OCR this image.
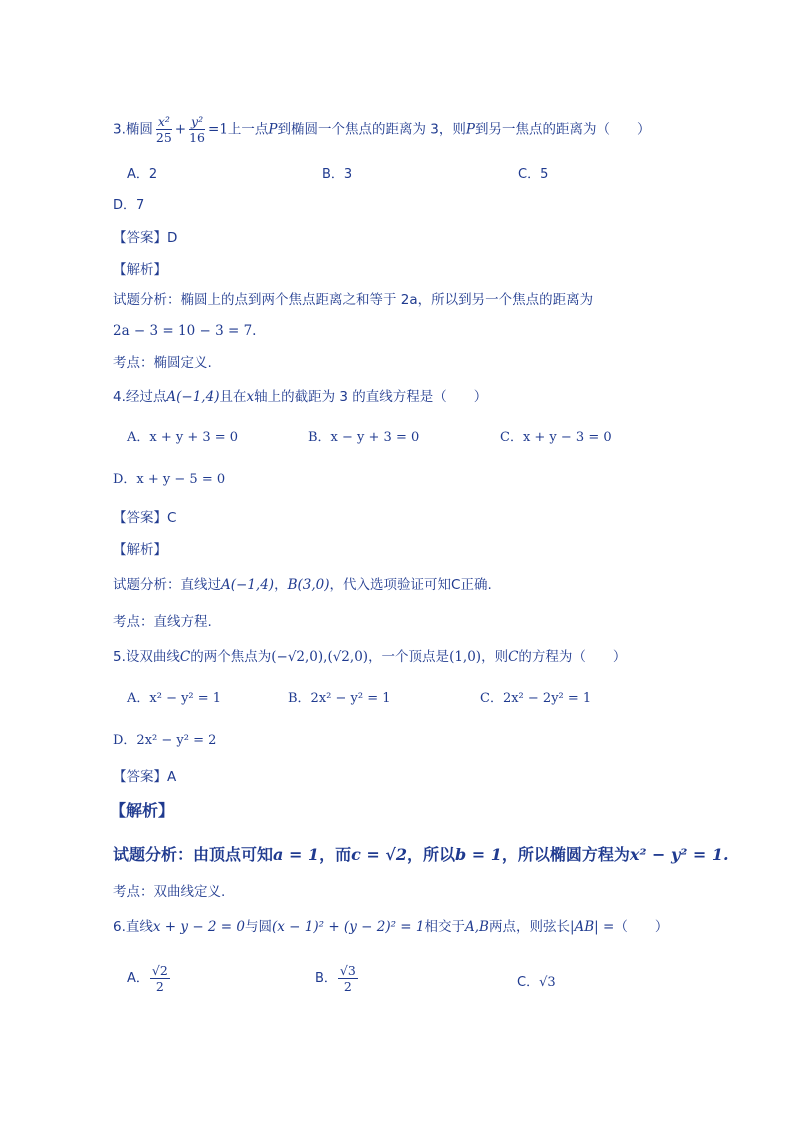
3.椭圆 $\frac{\text{x²}}{25} + \frac{\text{y²}}{16} =1$上一点P到椭圆一个焦点的距离为 3，则P到另一焦点的距离为（　　）
A．2	B．3	C．5
D．7
【答案】D
【解析】
试题分析：椭圆上的点到两个焦点距离之和等于 2a，所以到另一个焦点的距离为
2a − 3 = 10 − 3 = 7.
考点：椭圆定义.
4.经过点A(−1,4)且在x轴上的截距为 3 的直线方程是（　　）
A．x + y + 3 = 0	B．x − y + 3 = 0	C．x + y − 3 = 0
D．x + y − 5 = 0
【答案】C
【解析】
试题分析：直线过A(−1,4)，B(3,0)，代入选项验证可知C正确.
考点：直线方程.
5.设双曲线C的两个焦点为(−√2,0),(√2,0)，一个顶点是(1,0)，则C的方程为（　　）
A．x² − y² = 1	B．2x² − y² = 1	C．2x² − 2y² = 1
D．2x² − y² = 2
【答案】A
【解析】
试题分析：由顶点可知a = 1，而c = √2，所以b = 1，所以椭圆方程为x² − y² = 1.
考点：双曲线定义.
6.直线x + y − 2 = 0与圆(x − 1)² + (y − 2)² = 1相交于A,B两点，则弦长|AB| =（　　）
A． $\frac{√2}{2}$	B． $\frac{√3}{2}$	C．√3
